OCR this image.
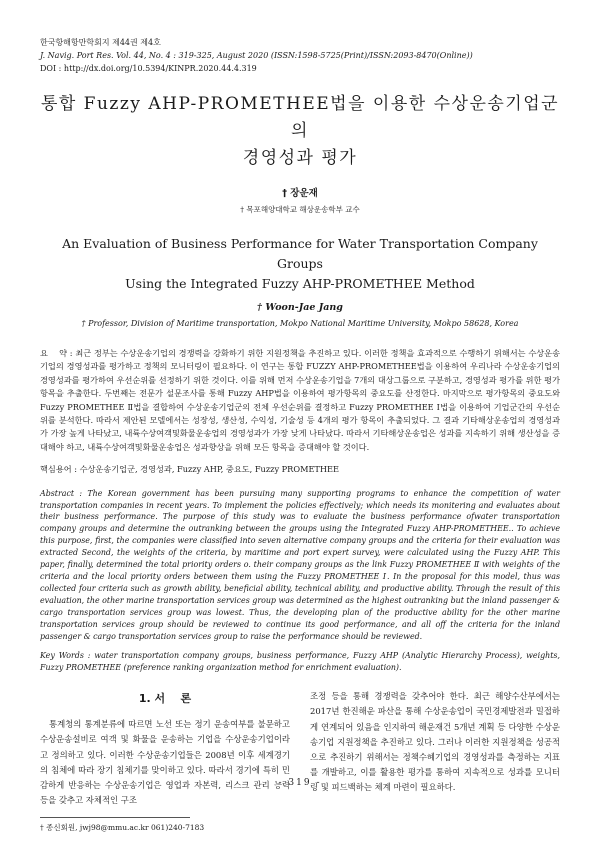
한국항해항만학회지 제44권 제4호
J. Navig. Port Res. Vol. 44, No. 4 : 319-325, August 2020 (ISSN:1598-5725(Print)/ISSN:2093-8470(Online))
DOI : http://dx.doi.org/10.5394/KINPR.2020.44.4.319
통합 Fuzzy AHP-PROMETHEE법을 이용한 수상운송기업군의
경영성과 평가
† 장운재
† 목포해양대학교 해상운송학부 교수
An Evaluation of Business Performance for Water Transportation Company Groups
Using the Integrated Fuzzy AHP-PROMETHEE Method
† Woon-Jae Jang
† Professor, Division of Maritime transportation, Mokpo National Maritime University, Mokpo 58628, Korea

요    약 : 최근 정부는 수상운송기업의 경쟁력을 강화하기 위한 지원정책을 추진하고 있다. 이러한 정책을 효과적으로 수행하기 위해서는 수상운송기업의 경영성과를 평가하고 정책의 모니터링이 필요하다. 이 연구는 통합 FUZZY AHP-PROMETHEE법을 이용하여 우리나라 수상운송기업의 경영성과를 평가하여 우선순위를 선정하기 위한 것이다. 이를 위해 먼저 수상운송기업을 7개의 대상그룹으로 구분하고, 경영성과 평가를 위한 평가항목을 추출한다. 두번째는 전문가 설문조사를 통해 Fuzzy AHP법을 이용하여 평가항목의 중요도를 산정한다. 마지막으로 평가항목의 중요도와 Fuzzy PROMETHEE Ⅱ법을 결합하여 수상운송기업군의 전체 우선순위를 결정하고 Fuzzy PROMETHEE Ⅰ법을 이용하여 기업군간의 우선순위를 분석한다. 따라서 제안된 모델에서는 성장성, 생산성, 수익성, 기술성 등 4개의 평가 항목이 추출되었다. 그 결과 기타해상운송업의 경영성과가 가장 높게 나타났고, 내륙수상여객및화물운송업의 경영성과가 가장 낮게 나타났다. 따라서 기타해상운송업은 성과를 지속하기 위해 생산성을 증대해야 하고, 내륙수상여객및화물운송업은 성과향상을 위해 모든 항목을 증대해야 할 것이다.

핵심용어 : 수상운송기업군, 경영성과, Fuzzy AHP, 중요도, Fuzzy PROMETHEE

Abstract : The Korean government has been pursuing many supporting programs to enhance the competition of water transportation companies in recent years. To implement the policies effectively; which needs its monitering and evaluates about their business performance. The purpose of this study was to evaluate the business performance ofwater transportation company groups and determine the outranking between the groups using the Integrated Fuzzy AHP-PROMETHEE.. To achieve this purpose, first, the companies were classified into seven alternative company groups and the criteria for their evaluation was extracted Second, the weights of the criteria, by maritime and port expert survey, were calculated using the Fuzzy AHP. This paper, finally, determined the total priority orders o. their company groups as the link Fuzzy PROMETHEE Ⅱ with weights of the criteria and the local priority orders between them using the Fuzzy PROMETHEE Ⅰ. In the proposal for this model, thus was collected four criteria such as growth ability, beneficial ability, technical ability, and productive ability. Through the result of this evaluation, the other marine transportation services group was determined as the highest outranking but the inland passenger & cargo transportation services group was lowest. Thus, the developing plan of the productive ability for the other marine transportation services group should be reviewed to continue its good performance, and all off the criteria for the inland passenger & cargo transportation services group to raise the performance should be reviewed.

Key Words : water transportation company groups, business performance, Fuzzy AHP (Analytic Hierarchy Process), weights, Fuzzy PROMETHEE (preference ranking organization method for enrichment evaluation).

1. 서    론

통계청의 통계분류에 따르면 노선 또는 정기 운송여부를 불문하고 수상운송설비로 여객 및 화물을 운송하는 기업을 수상운송기업이라고 정의하고 있다. 이러한 수상운송기업들은 2008년 이후 세계경기의 침체에 따라 장기 침체기를 맞이하고 있다. 따라서 경기에 특히 민감하게 반응하는 수상운송기업은 영업과 자본력, 리스크 관리 능력 등을 갖추고 자체적인 구조

† 종신회원, jwj98@mmu.ac.kr 061)240-7183

조정 등을 통해 경쟁력을 갖추어야 한다. 최근 해양수산부에서는 2017년 한진해운 파산을 통해 수상운송업이 국민경제발전과 밀접하게 연계되어 있음을 인지하여 해운재건 5개년 계획 등 다양한 수상운송기업 지원정책을 추진하고 있다. 그러나 이러한 지원정책을 성공적으로 추진하기 위해서는 정책수혜기업의 경영성과를 측정하는 지표를 개발하고, 이를 활용한 평가를 통하여 지속적으로 성과를 모니터링 및 피드백하는 체계 마련이 필요하다.

- 319 -
